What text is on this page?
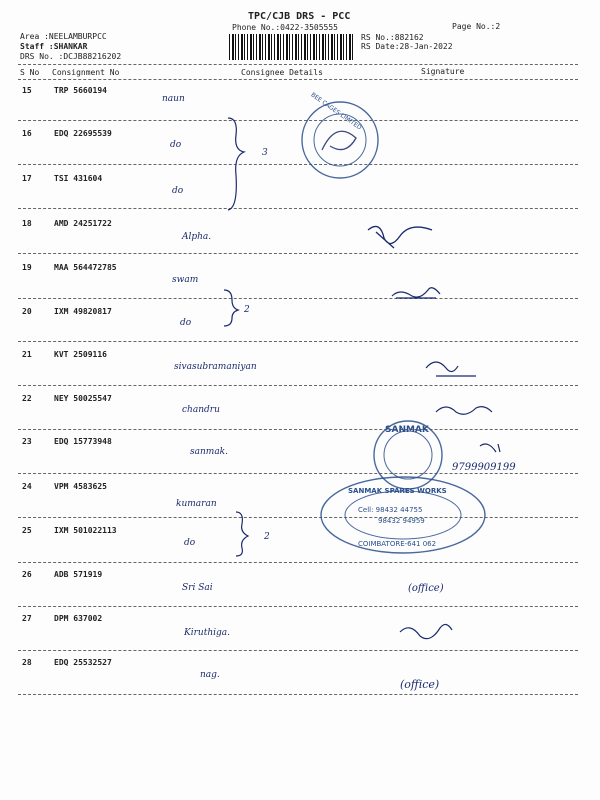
TPC/CJB DRS - PCC
Phone No.:0422-3505555	Page No.:2
Area :NEELAMBURPCC
Staff :SHANKAR
DRS No. :DCJB88216202
RS No.:882162
RS Date:28-Jan-2022
S No Consignment No	Consignee Details	Signature
15	TRP 5660194
naun
16	EDQ 22695539
do
17	TSI 431604
do
18	AMD 24251722
Alpha.
19	MAA 564472785
swam
20	IXM 49820817
do
21	KVT 2509116
sivasubramaniyan
22	NEY 50025547
chandru
23	EDQ 15773948
sanmak.
24	VPM 4583625
kumaran
25	IXM 501022113
do
26	ADB 571919
Sri Sai
27	DPM 637002
Kiruthiga.
28	EDQ 25532527
nag.
3
2
2
9799909199
(office)
(office)
BEE CAGES LIMITED
SANMAK
SANMAK SPARES WORKS
Cell: 98432 44755
98432 94959
COIMBATORE-641 062
